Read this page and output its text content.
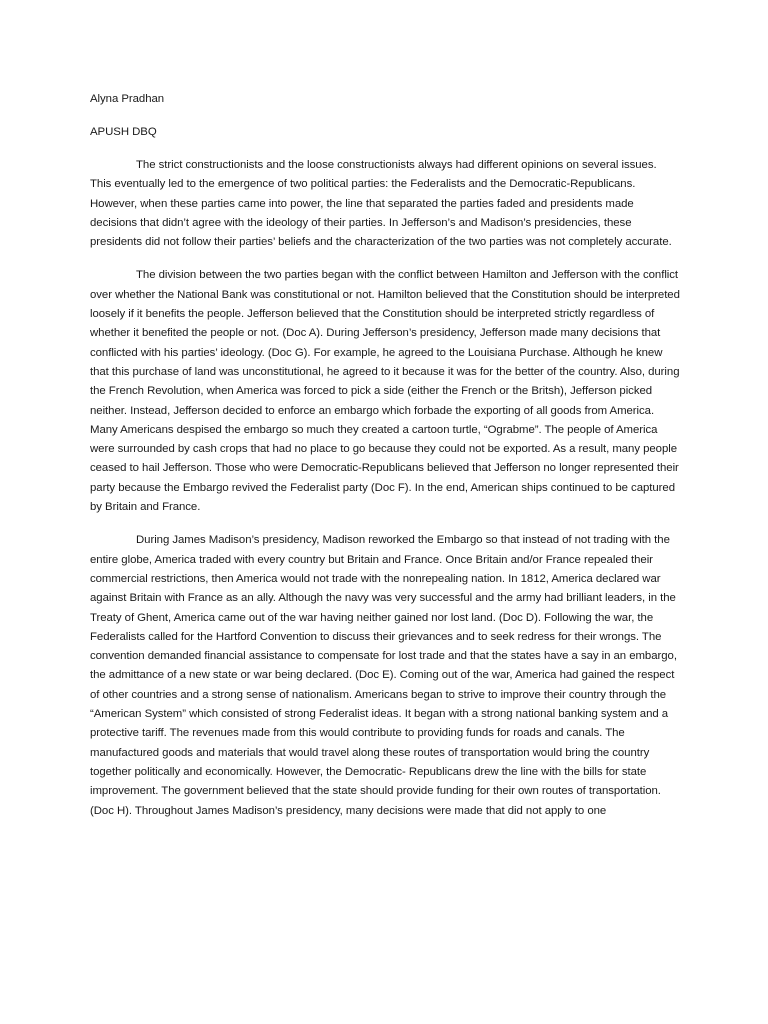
Alyna Pradhan
APUSH DBQ

The strict constructionists and the loose constructionists always had different opinions on several issues. This eventually led to the emergence of two political parties: the Federalists and the Democratic-Republicans. However, when these parties came into power, the line that separated the parties faded and presidents made decisions that didn’t agree with the ideology of their parties. In Jefferson’s and Madison’s presidencies, these presidents did not follow their parties’ beliefs and the characterization of the two parties was not completely accurate.

The division between the two parties began with the conflict between Hamilton and Jefferson with the conflict over whether the National Bank was constitutional or not. Hamilton believed that the Constitution should be interpreted loosely if it benefits the people. Jefferson believed that the Constitution should be interpreted strictly regardless of whether it benefited the people or not. (Doc A). During Jefferson’s presidency, Jefferson made many decisions that conflicted with his parties’ ideology. (Doc G). For example, he agreed to the Louisiana Purchase. Although he knew that this purchase of land was unconstitutional, he agreed to it because it was for the better of the country. Also, during the French Revolution, when America was forced to pick a side (either the French or the Britsh), Jefferson picked neither. Instead, Jefferson decided to enforce an embargo which forbade the exporting of all goods from America. Many Americans despised the embargo so much they created a cartoon turtle, “Ograbme”. The people of America were surrounded by cash crops that had no place to go because they could not be exported. As a result, many people ceased to hail Jefferson. Those who were Democratic-Republicans believed that Jefferson no longer represented their party because the Embargo revived the Federalist party (Doc F). In the end, American ships continued to be captured by Britain and France.

During James Madison’s presidency, Madison reworked the Embargo so that instead of not trading with the entire globe, America traded with every country but Britain and France. Once Britain and/or France repealed their commercial restrictions, then America would not trade with the nonrepealing nation. In 1812, America declared war against Britain with France as an ally. Although the navy was very successful and the army had brilliant leaders, in the Treaty of Ghent, America came out of the war having neither gained nor lost land. (Doc D). Following the war, the Federalists called for the Hartford Convention to discuss their grievances and to seek redress for their wrongs. The convention demanded financial assistance to compensate for lost trade and that the states have a say in an embargo, the admittance of a new state or war being declared. (Doc E). Coming out of the war, America had gained the respect of other countries and a strong sense of nationalism. Americans began to strive to improve their country through the “American System” which consisted of strong Federalist ideas. It began with a strong national banking system and a protective tariff. The revenues made from this would contribute to providing funds for roads and canals. The manufactured goods and materials that would travel along these routes of transportation would bring the country together politically and economically. However, the Democratic- Republicans drew the line with the bills for state improvement. The government believed that the state should provide funding for their own routes of transportation. (Doc H). Throughout James Madison’s presidency, many decisions were made that did not apply to one
